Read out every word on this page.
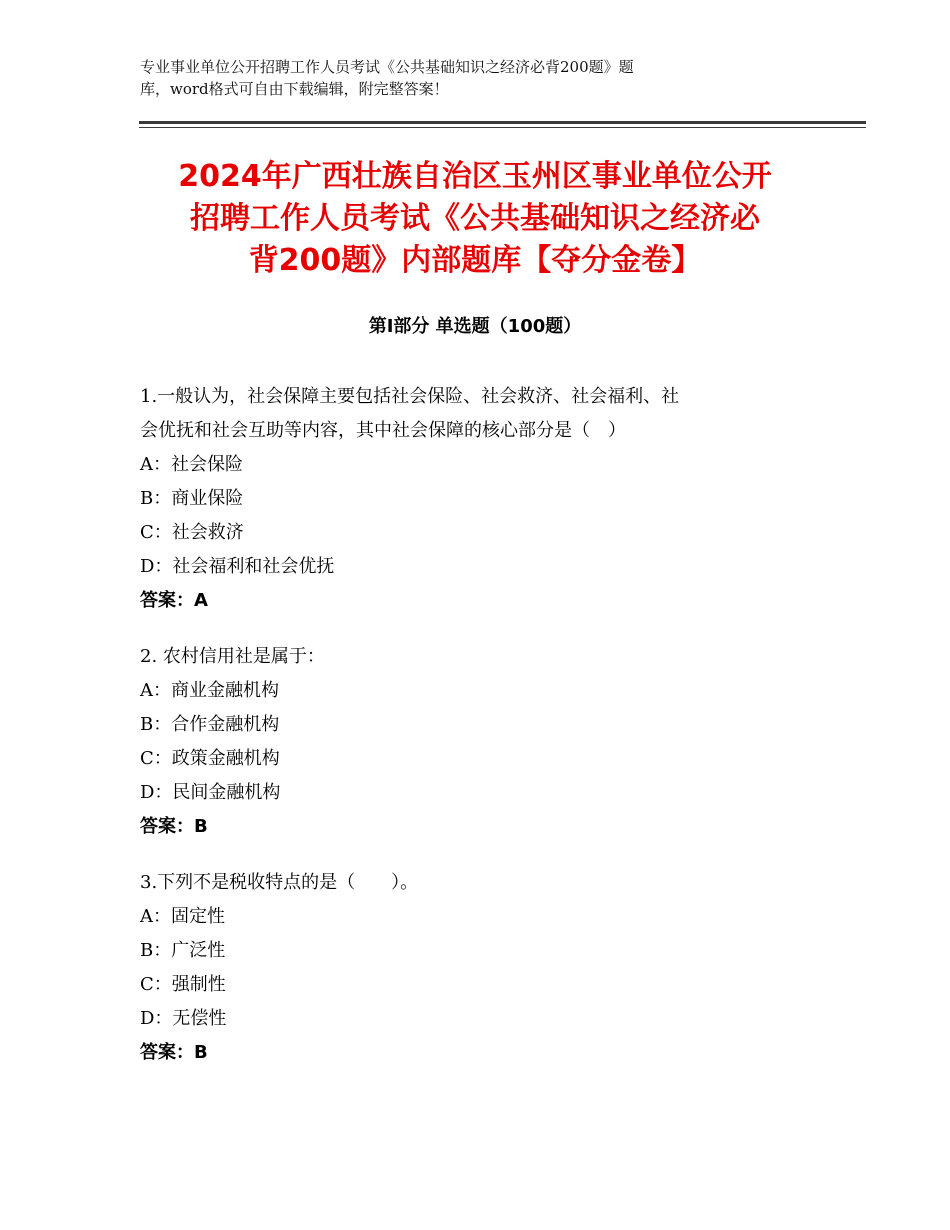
专业事业单位公开招聘工作人员考试《公共基础知识之经济必背200题》题
库，word格式可自由下载编辑，附完整答案！
2024年广西壮族自治区玉州区事业单位公开
招聘工作人员考试《公共基础知识之经济必
背200题》内部题库【夺分金卷】
第Ⅰ部分 单选题（100题）
1.一般认为，社会保障主要包括社会保险、社会救济、社会福利、社
会优抚和社会互助等内容，其中社会保障的核心部分是（　）
A：社会保险
B：商业保险
C：社会救济
D：社会福利和社会优抚
答案：A
2. 农村信用社是属于：
A：商业金融机构
B：合作金融机构
C：政策金融机构
D：民间金融机构
答案：B
3.下列不是税收特点的是（　　）。
A：固定性
B：广泛性
C：强制性
D：无偿性
答案：B
